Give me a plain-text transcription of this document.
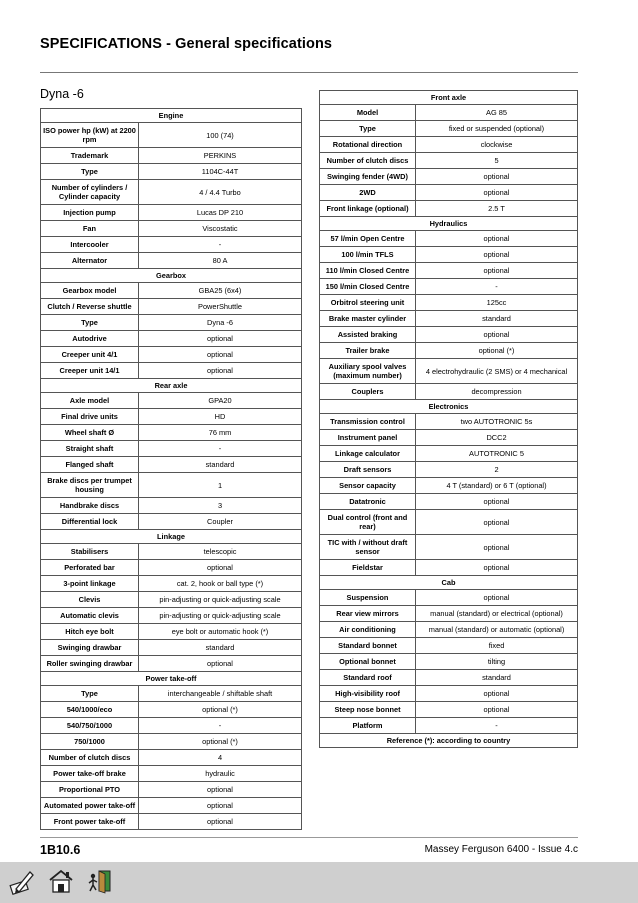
SPECIFICATIONS - General specifications
Dyna -6
Engine	
ISO power hp (kW) at 2200 rpm	100 (74)
Trademark	PERKINS
Type	1104C-44T
Number of cylinders / Cylinder capacity	4 / 4.4 Turbo
Injection pump	Lucas DP 210
Fan	Viscostatic
Intercooler	-
Alternator	80 A
Gearbox	
Gearbox model	GBA25 (6x4)
Clutch / Reverse shuttle	PowerShuttle
Type	Dyna -6
Autodrive	optional
Creeper unit 4/1	optional
Creeper unit 14/1	optional
Rear axle	
Axle model	GPA20
Final drive units	HD
Wheel shaft Ø	76 mm
Straight shaft	-
Flanged shaft	standard
Brake discs per trumpet housing	1
Handbrake discs	3
Differential lock	Coupler
Linkage	
Stabilisers	telescopic
Perforated bar	optional
3-point linkage	cat. 2, hook or ball type (*)
Clevis	pin-adjusting or quick-adjusting scale
Automatic clevis	pin-adjusting or quick-adjusting scale
Hitch eye bolt	eye bolt or automatic hook (*)
Swinging drawbar	standard
Roller swinging drawbar	optional
Power take-off	
Type	interchangeable / shiftable shaft
540/1000/eco	optional (*)
540/750/1000	-
750/1000	optional (*)
Number of clutch discs	4
Power take-off brake	hydraulic
Proportional PTO	optional
Automated power take-off	optional
Front power take-off	optional
Front axle	
Model	AG 85
Type	fixed or suspended (optional)
Rotational direction	clockwise
Number of clutch discs	5
Swinging fender (4WD)	optional
2WD	optional
Front linkage (optional)	2.5 T
Hydraulics	
57 l/min Open Centre	optional
100 l/min TFLS	optional
110 l/min Closed Centre	optional
150 l/min Closed Centre	-
Orbitrol steering unit	125cc
Brake master cylinder	standard
Assisted braking	optional
Trailer brake	optional (*)
Auxiliary spool valves (maximum number)	4 electrohydraulic (2 SMS) or 4 mechanical
Couplers	decompression
Electronics	
Transmission control	two AUTOTRONIC 5s
Instrument panel	DCC2
Linkage calculator	AUTOTRONIC 5
Draft sensors	2
Sensor capacity	4 T (standard) or 6 T (optional)
Datatronic	optional
Dual control (front and rear)	optional
TIC with / without draft sensor	optional
Fieldstar	optional
Cab	
Suspension	optional
Rear view mirrors	manual (standard) or electrical (optional)
Air conditioning	manual (standard) or automatic (optional)
Standard bonnet	fixed
Optional bonnet	tilting
Standard roof	standard
High-visibility roof	optional
Steep nose bonnet	optional
Platform	-
Reference (*): according to country	
1B10.6	Massey Ferguson 6400 - Issue 4.c
